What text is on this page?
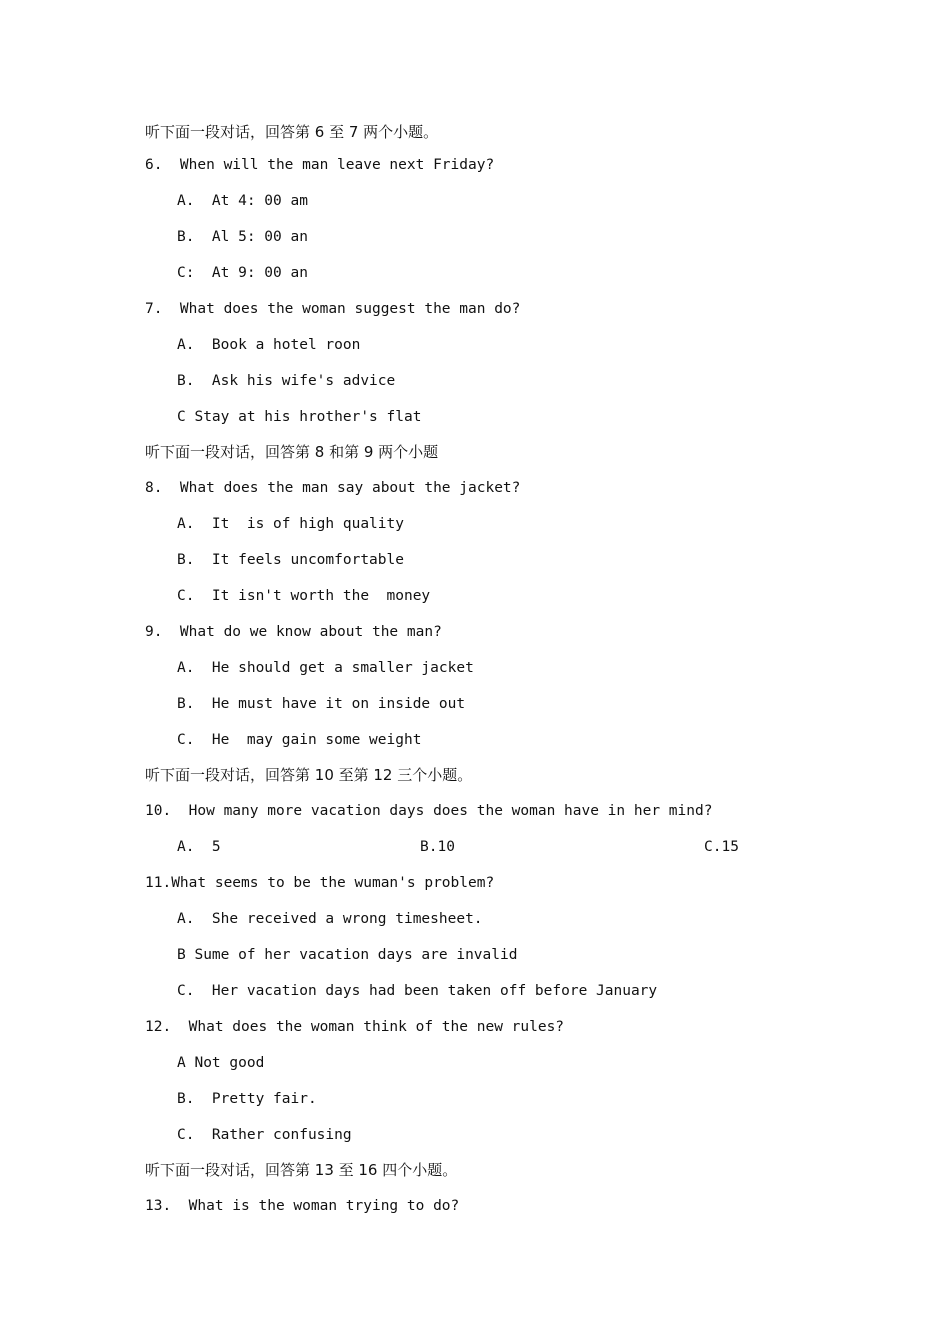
听下面一段对话，回答第 6 至 7 两个小题。
6.  When will the man leave next Friday?
A.  At 4: 00 am
B.  Al 5: 00 an
C:  At 9: 00 an
7.  What does the woman suggest the man do?
A.  Book a hotel roon
B.  Ask his wife's advice
C Stay at his hrother's flat
听下面一段对话，回答第 8 和第 9 两个小题
8.  What does the man say about the jacket?
A.  It  is of high quality
B.  It feels uncomfortable
C.  It isn't worth the  money
9.  What do we know about the man?
A.  He should get a smaller jacket
B.  He must have it on inside out
C.  He  may gain some weight
听下面一段对话，回答第 10 至第 12 三个小题。
10.  How many more vacation days does the woman have in her mind?
A.  5	B.10	C.15
11.What seems to be the wuman's problem?
A.  She received a wrong timesheet.
B Sume of her vacation days are invalid
C.  Her vacation days had been taken off before January
12.  What does the woman think of the new rules?
A Not good
B.  Pretty fair.
C.  Rather confusing
听下面一段对话，回答第 13 至 16 四个小题。
13.  What is the woman trying to do?
